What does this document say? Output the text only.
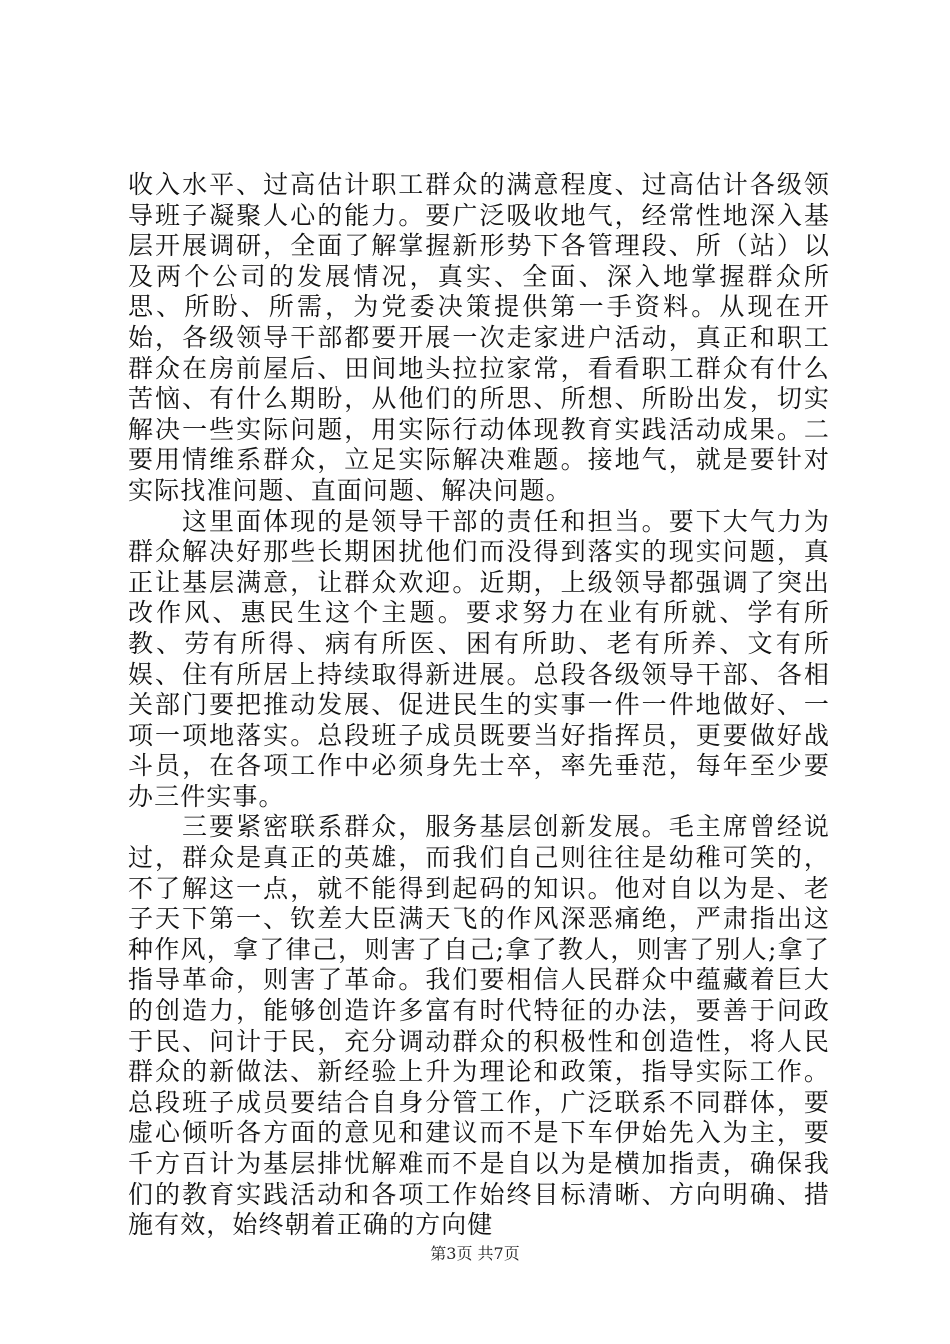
收入水平、过高估计职工群众的满意程度、过高估计各级领导班子凝聚人心的能力。要广泛吸收地气，经常性地深入基层开展调研，全面了解掌握新形势下各管理段、所（站）以及两个公司的发展情况，真实、全面、深入地掌握群众所思、所盼、所需，为党委决策提供第一手资料。从现在开始，各级领导干部都要开展一次走家进户活动，真正和职工群众在房前屋后、田间地头拉拉家常，看看职工群众有什么苦恼、有什么期盼，从他们的所思、所想、所盼出发，切实解决一些实际问题，用实际行动体现教育实践活动成果。二要用情维系群众，立足实际解决难题。接地气，就是要针对实际找准问题、直面问题、解决问题。

这里面体现的是领导干部的责任和担当。要下大气力为群众解决好那些长期困扰他们而没得到落实的现实问题，真正让基层满意，让群众欢迎。近期，上级领导都强调了突出改作风、惠民生这个主题。要求努力在业有所就、学有所教、劳有所得、病有所医、困有所助、老有所养、文有所娱、住有所居上持续取得新进展。总段各级领导干部、各相关部门要把推动发展、促进民生的实事一件一件地做好、一项一项地落实。总段班子成员既要当好指挥员，更要做好战斗员，在各项工作中必须身先士卒，率先垂范，每年至少要办三件实事。

三要紧密联系群众，服务基层创新发展。毛主席曾经说过，群众是真正的英雄，而我们自己则往往是幼稚可笑的，不了解这一点，就不能得到起码的知识。他对自以为是、老子天下第一、钦差大臣满天飞的作风深恶痛绝，严肃指出这种作风，拿了律己，则害了自己;拿了教人，则害了别人;拿了指导革命，则害了革命。我们要相信人民群众中蕴藏着巨大的创造力，能够创造许多富有时代特征的办法，要善于问政于民、问计于民，充分调动群众的积极性和创造性，将人民群众的新做法、新经验上升为理论和政策，指导实际工作。总段班子成员要结合自身分管工作，广泛联系不同群体，要虚心倾听各方面的意见和建议而不是下车伊始先入为主，要千方百计为基层排忧解难而不是自以为是横加指责，确保我们的教育实践活动和各项工作始终目标清晰、方向明确、措施有效，始终朝着正确的方向健

第3页 共7页
